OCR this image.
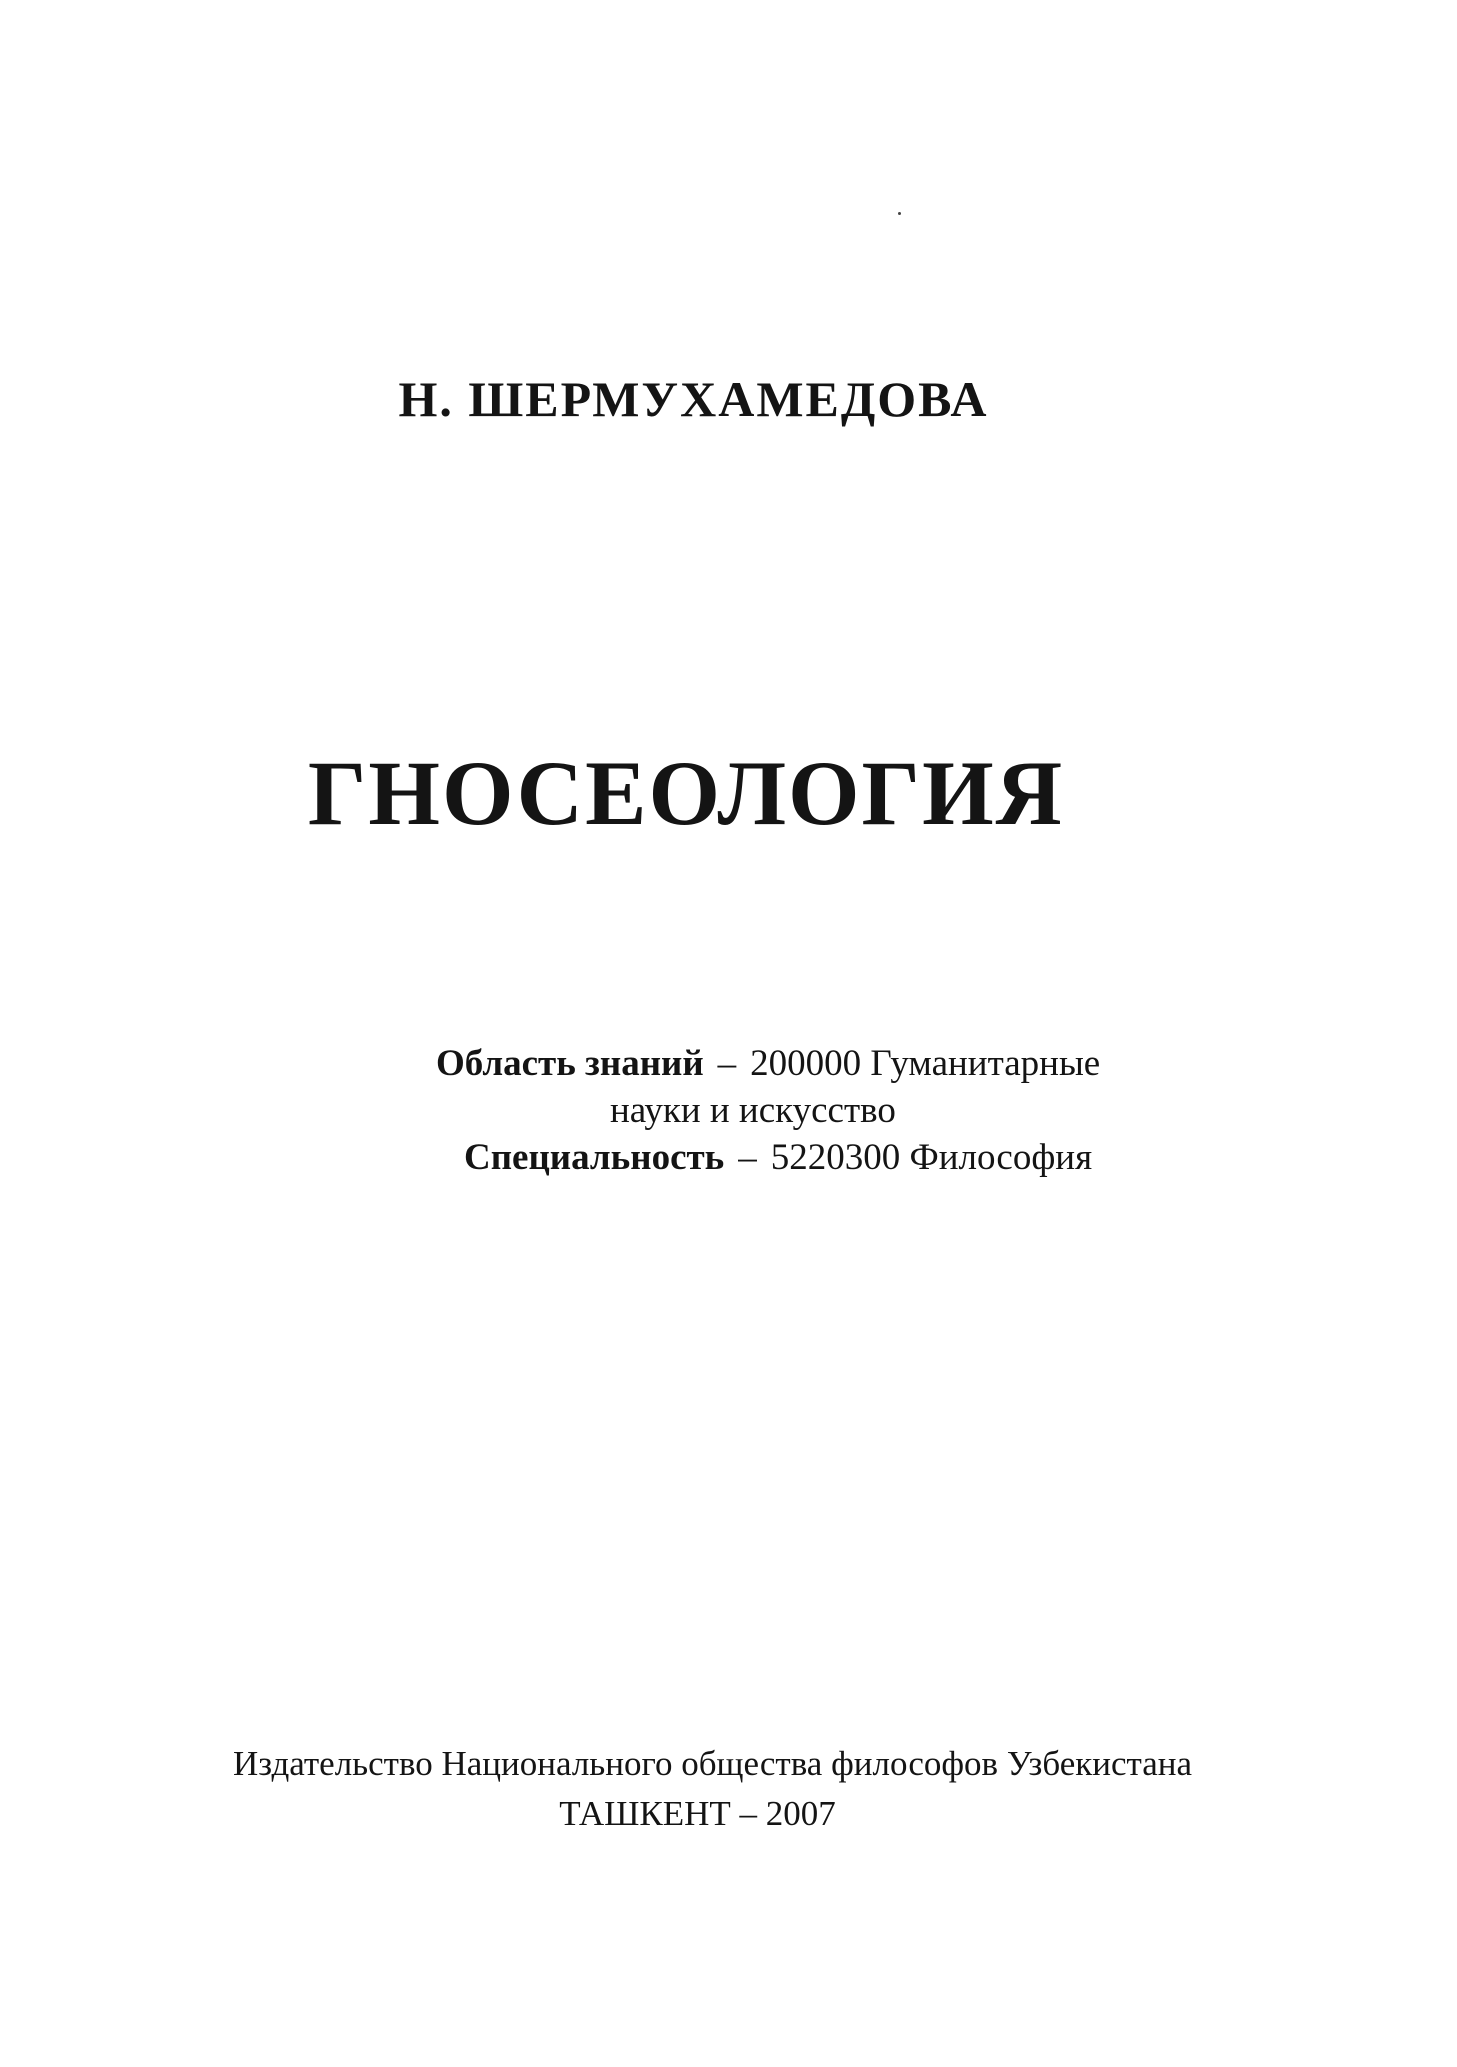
Н. ШЕРМУХАМЕДОВА
ГНОСЕОЛОГИЯ
Область знаний – 200000 Гуманитарные
науки и искусство
Специальность – 5220300 Философия
Издательство Национального общества философов Узбекистана
ТАШКЕНТ – 2007
